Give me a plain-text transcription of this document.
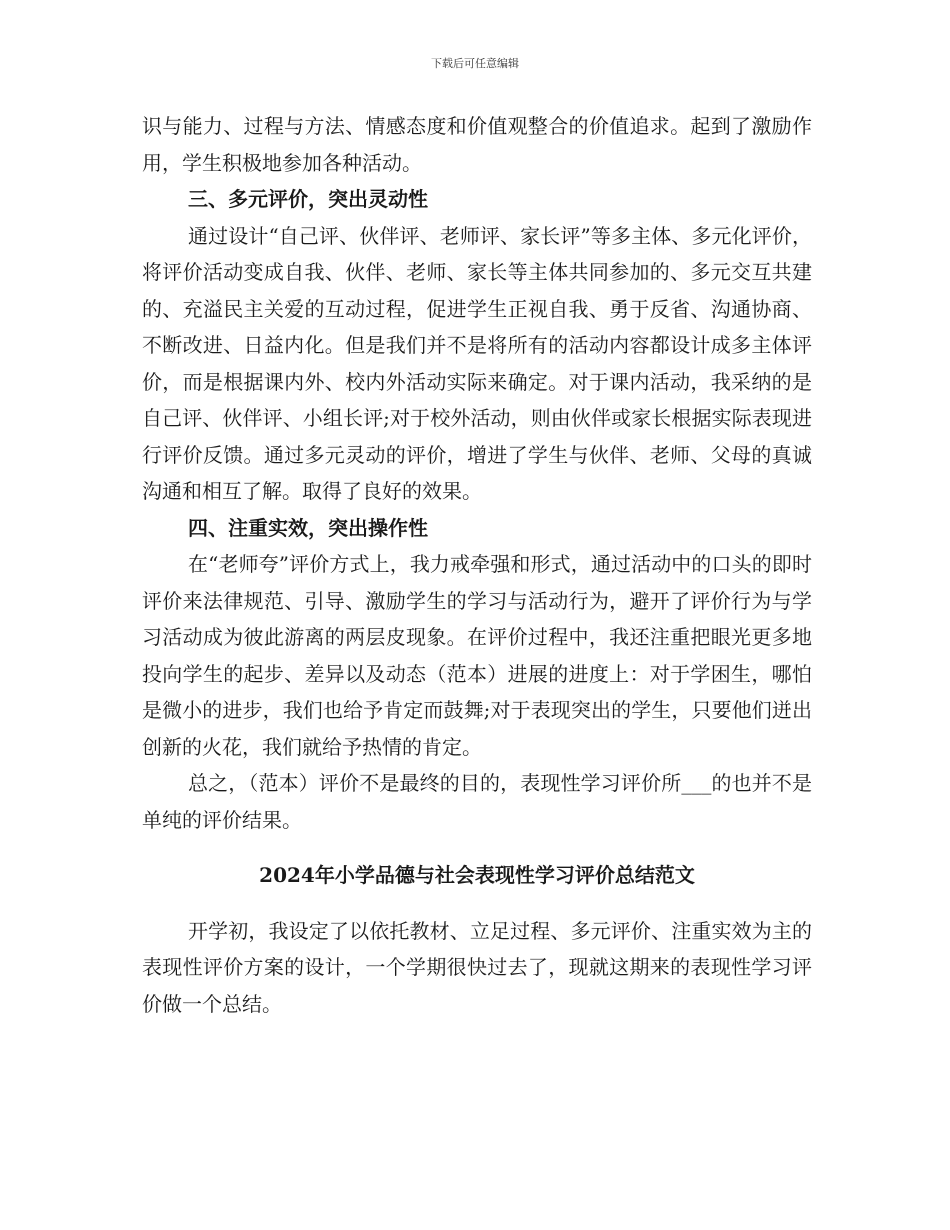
下载后可任意编辑

识与能力、过程与方法、情感态度和价值观整合的价值追求。起到了激励作用，学生积极地参加各种活动。

三、多元评价，突出灵动性

通过设计“自己评、伙伴评、老师评、家长评”等多主体、多元化评价，将评价活动变成自我、伙伴、老师、家长等主体共同参加的、多元交互共建的、充溢民主关爱的互动过程，促进学生正视自我、勇于反省、沟通协商、不断改进、日益内化。但是我们并不是将所有的活动内容都设计成多主体评价，而是根据课内外、校内外活动实际来确定。对于课内活动，我采纳的是自己评、伙伴评、小组长评;对于校外活动，则由伙伴或家长根据实际表现进行评价反馈。通过多元灵动的评价，增进了学生与伙伴、老师、父母的真诚沟通和相互了解。取得了良好的效果。

四、注重实效，突出操作性

在“老师夸”评价方式上，我力戒牵强和形式，通过活动中的口头的即时评价来法律规范、引导、激励学生的学习与活动行为，避开了评价行为与学习活动成为彼此游离的两层皮现象。在评价过程中，我还注重把眼光更多地投向学生的起步、差异以及动态（范本）进展的进度上：对于学困生，哪怕是微小的进步，我们也给予肯定而鼓舞;对于表现突出的学生，只要他们迸出创新的火花，我们就给予热情的肯定。

总之，（范本）评价不是最终的目的，表现性学习评价所___的也并不是单纯的评价结果。

2024年小学品德与社会表现性学习评价总结范文

开学初，我设定了以依托教材、立足过程、多元评价、注重实效为主的表现性评价方案的设计，一个学期很快过去了，现就这期来的表现性学习评价做一个总结。
